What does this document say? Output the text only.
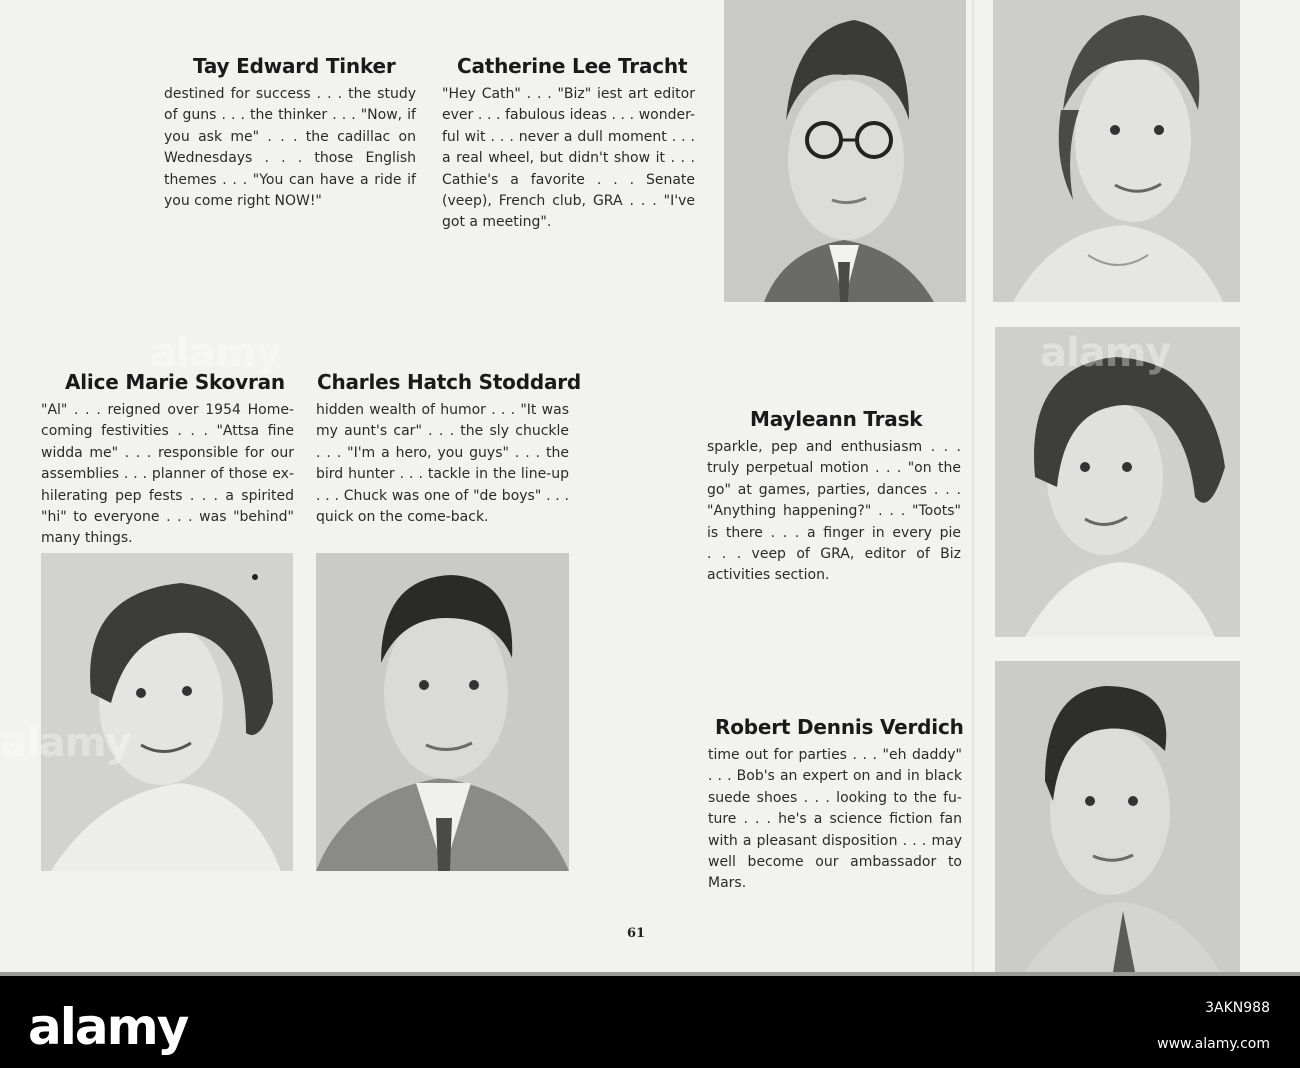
Tay Edward Tinker
destined for success . . . the study
of guns . . . the thinker . . . "Now, if
you ask me" . . . the cadillac on
Wednesdays . . . those English
themes . . . "You can have a ride if
you come right NOW!"
Catherine Lee Tracht
"Hey Cath" . . . "Biz" iest art editor
ever . . . fabulous ideas . . . wonder-
ful wit . . . never a dull moment . . .
a real wheel, but didn't show it . . .
Cathie's a favorite . . . Senate
(veep), French club, GRA . . . "I've
got a meeting".
Alice Marie Skovran
"Al" . . . reigned over 1954 Home-
coming festivities . . . "Attsa fine
widda me" . . . responsible for our
assemblies . . . planner of those ex-
hilerating pep fests . . . a spirited
"hi" to everyone . . . was "behind"
many things.
Charles Hatch Stoddard
hidden wealth of humor . . . "It was
my aunt's car" . . . the sly chuckle
. . . "I'm a hero, you guys" . . . the
bird hunter . . . tackle in the line-up
. . . Chuck was one of "de boys" . . .
quick on the come-back.
Mayleann Trask
sparkle, pep and enthusiasm . . .
truly perpetual motion . . . "on the
go" at games, parties, dances . . .
"Anything happening?" . . . "Toots"
is there . . . a finger in every pie
. . . veep of GRA, editor of Biz
activities section.
Robert Dennis Verdich
time out for parties . . . "eh daddy"
. . . Bob's an expert on and in black
suede shoes . . . looking to the fu-
ture . . . he's a science fiction fan
with a pleasant disposition . . . may
well become our ambassador to
Mars.
alamy	alamy
alamy
61
alamy	3AKN988
www.alamy.com
